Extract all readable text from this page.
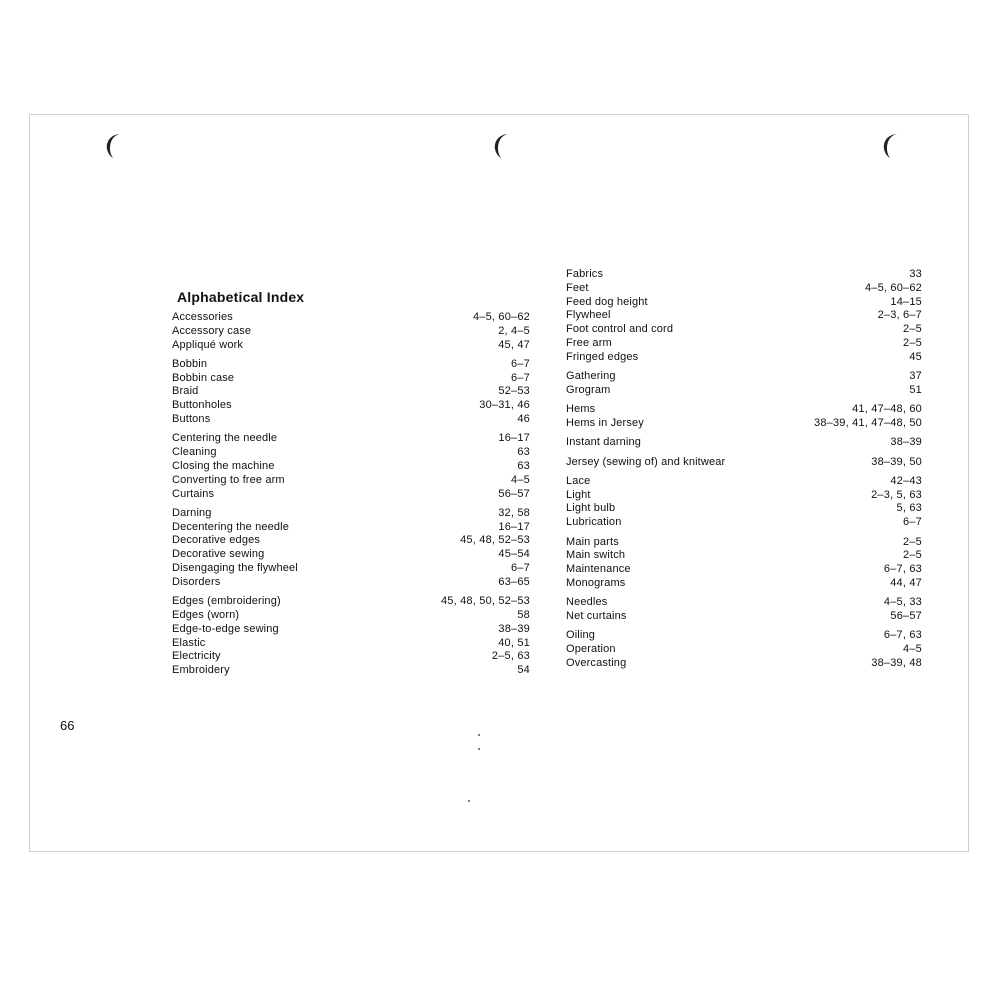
Alphabetical Index
Accessories	4–5, 60–62
Accessory case	2, 4–5
Appliqué work	45, 47
Bobbin	6–7
Bobbin case	6–7
Braid	52–53
Buttonholes	30–31, 46
Buttons	46
Centering the needle	16–17
Cleaning	63
Closing the machine	63
Converting to free arm	4–5
Curtains	56–57
Darning	32, 58
Decentering the needle	16–17
Decorative edges	45, 48, 52–53
Decorative sewing	45–54
Disengaging the flywheel	6–7
Disorders	63–65
Edges (embroidering)	45, 48, 50, 52–53
Edges (worn)	58
Edge-to-edge sewing	38–39
Elastic	40, 51
Electricity	2–5, 63
Embroidery	54
Fabrics	33
Feet	4–5, 60–62
Feed dog height	14–15
Flywheel	2–3, 6–7
Foot control and cord	2–5
Free arm	2–5
Fringed edges	45
Gathering	37
Grogram	51
Hems	41, 47–48, 60
Hems in Jersey	38–39, 41, 47–48, 50
Instant darning	38–39
Jersey (sewing of) and knitwear	38–39, 50
Lace	42–43
Light	2–3, 5, 63
Light bulb	5, 63
Lubrication	6–7
Main parts	2–5
Main switch	2–5
Maintenance	6–7, 63
Monograms	44, 47
Needles	4–5, 33
Net curtains	56–57
Oiling	6–7, 63
Operation	4–5
Overcasting	38–39, 48
66
